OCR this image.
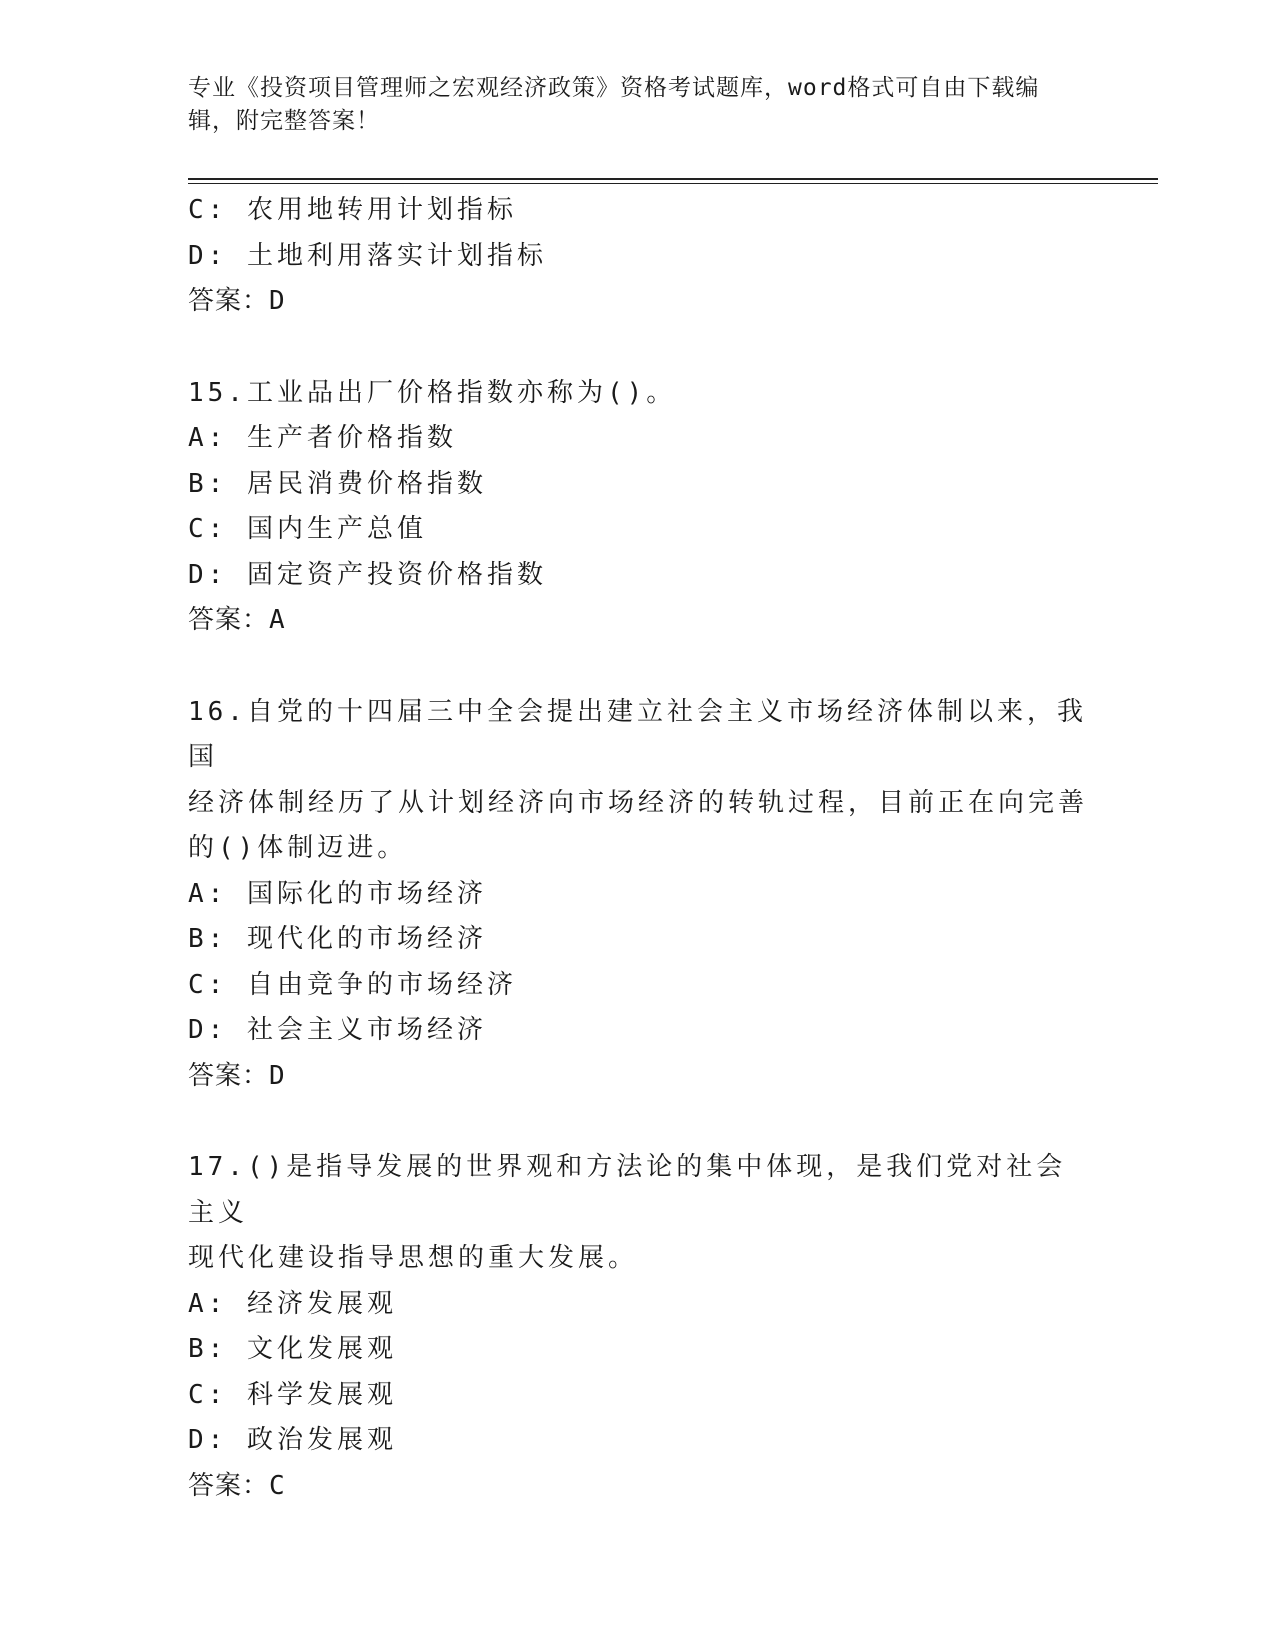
专业《投资项目管理师之宏观经济政策》资格考试题库，word格式可自由下载编
辑，附完整答案！
C: 农用地转用计划指标
D: 土地利用落实计划指标
答案：D
15.工业品出厂价格指数亦称为()。
A: 生产者价格指数
B: 居民消费价格指数
C: 国内生产总值
D: 固定资产投资价格指数
答案：A
16.自党的十四届三中全会提出建立社会主义市场经济体制以来，我国
经济体制经历了从计划经济向市场经济的转轨过程，目前正在向完善
的()体制迈进。
A: 国际化的市场经济
B: 现代化的市场经济
C: 自由竞争的市场经济
D: 社会主义市场经济
答案：D
17.()是指导发展的世界观和方法论的集中体现，是我们党对社会主义
现代化建设指导思想的重大发展。
A: 经济发展观
B: 文化发展观
C: 科学发展观
D: 政治发展观
答案：C
